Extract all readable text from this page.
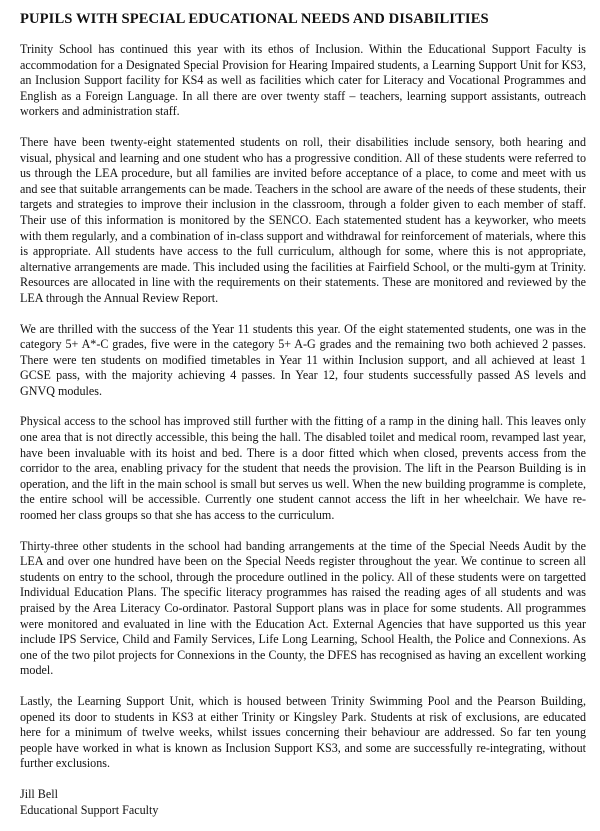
PUPILS WITH SPECIAL EDUCATIONAL NEEDS AND DISABILITIES

Trinity School has continued this year with its ethos of Inclusion. Within the Educational Support Faculty is accommodation for a Designated Special Provision for Hearing Impaired students, a Learning Support Unit for KS3, an Inclusion Support facility for KS4 as well as facilities which cater for Literacy and Vocational Programmes and English as a Foreign Language. In all there are over twenty staff – teachers, learning support assistants, outreach workers and administration staff.

There have been twenty-eight statemented students on roll, their disabilities include sensory, both hearing and visual, physical and learning and one student who has a progressive condition. All of these students were referred to us through the LEA procedure, but all families are invited before acceptance of a place, to come and meet with us and see that suitable arrangements can be made. Teachers in the school are aware of the needs of these students, their targets and strategies to improve their inclusion in the classroom, through a folder given to each member of staff. Their use of this information is monitored by the SENCO. Each statemented student has a keyworker, who meets with them regularly, and a combination of in-class support and withdrawal for reinforcement of materials, where this is appropriate. All students have access to the full curriculum, although for some, where this is not appropriate, alternative arrangements are made. This included using the facilities at Fairfield School, or the multi-gym at Trinity. Resources are allocated in line with the requirements on their statements. These are monitored and reviewed by the LEA through the Annual Review Report.

We are thrilled with the success of the Year 11 students this year. Of the eight statemented students, one was in the category 5+ A*-C grades, five were in the category 5+ A-G grades and the remaining two both achieved 2 passes. There were ten students on modified timetables in Year 11 within Inclusion support, and all achieved at least 1 GCSE pass, with the majority achieving 4 passes. In Year 12, four students successfully passed AS levels and GNVQ modules.

Physical access to the school has improved still further with the fitting of a ramp in the dining hall. This leaves only one area that is not directly accessible, this being the hall. The disabled toilet and medical room, revamped last year, have been invaluable with its hoist and bed. There is a door fitted which when closed, prevents access from the corridor to the area, enabling privacy for the student that needs the provision. The lift in the Pearson Building is in operation, and the lift in the main school is small but serves us well. When the new building programme is complete, the entire school will be accessible. Currently one student cannot access the lift in her wheelchair. We have re-roomed her class groups so that she has access to the curriculum.

Thirty-three other students in the school had banding arrangements at the time of the Special Needs Audit by the LEA and over one hundred have been on the Special Needs register throughout the year. We continue to screen all students on entry to the school, through the procedure outlined in the policy. All of these students were on targetted Individual Education Plans. The specific literacy programmes has raised the reading ages of all students and was praised by the Area Literacy Co-ordinator. Pastoral Support plans was in place for some students. All programmes were monitored and evaluated in line with the Education Act. External Agencies that have supported us this year include IPS Service, Child and Family Services, Life Long Learning, School Health, the Police and Connexions. As one of the two pilot projects for Connexions in the County, the DFES has recognised as having an excellent working model.

Lastly, the Learning Support Unit, which is housed between Trinity Swimming Pool and the Pearson Building, opened its door to students in KS3 at either Trinity or Kingsley Park. Students at risk of exclusions, are educated here for a minimum of twelve weeks, whilst issues concerning their behaviour are addressed. So far ten young people have worked in what is known as Inclusion Support KS3, and some are successfully re-integrating, without further exclusions.

Jill Bell

Educational Support Faculty
